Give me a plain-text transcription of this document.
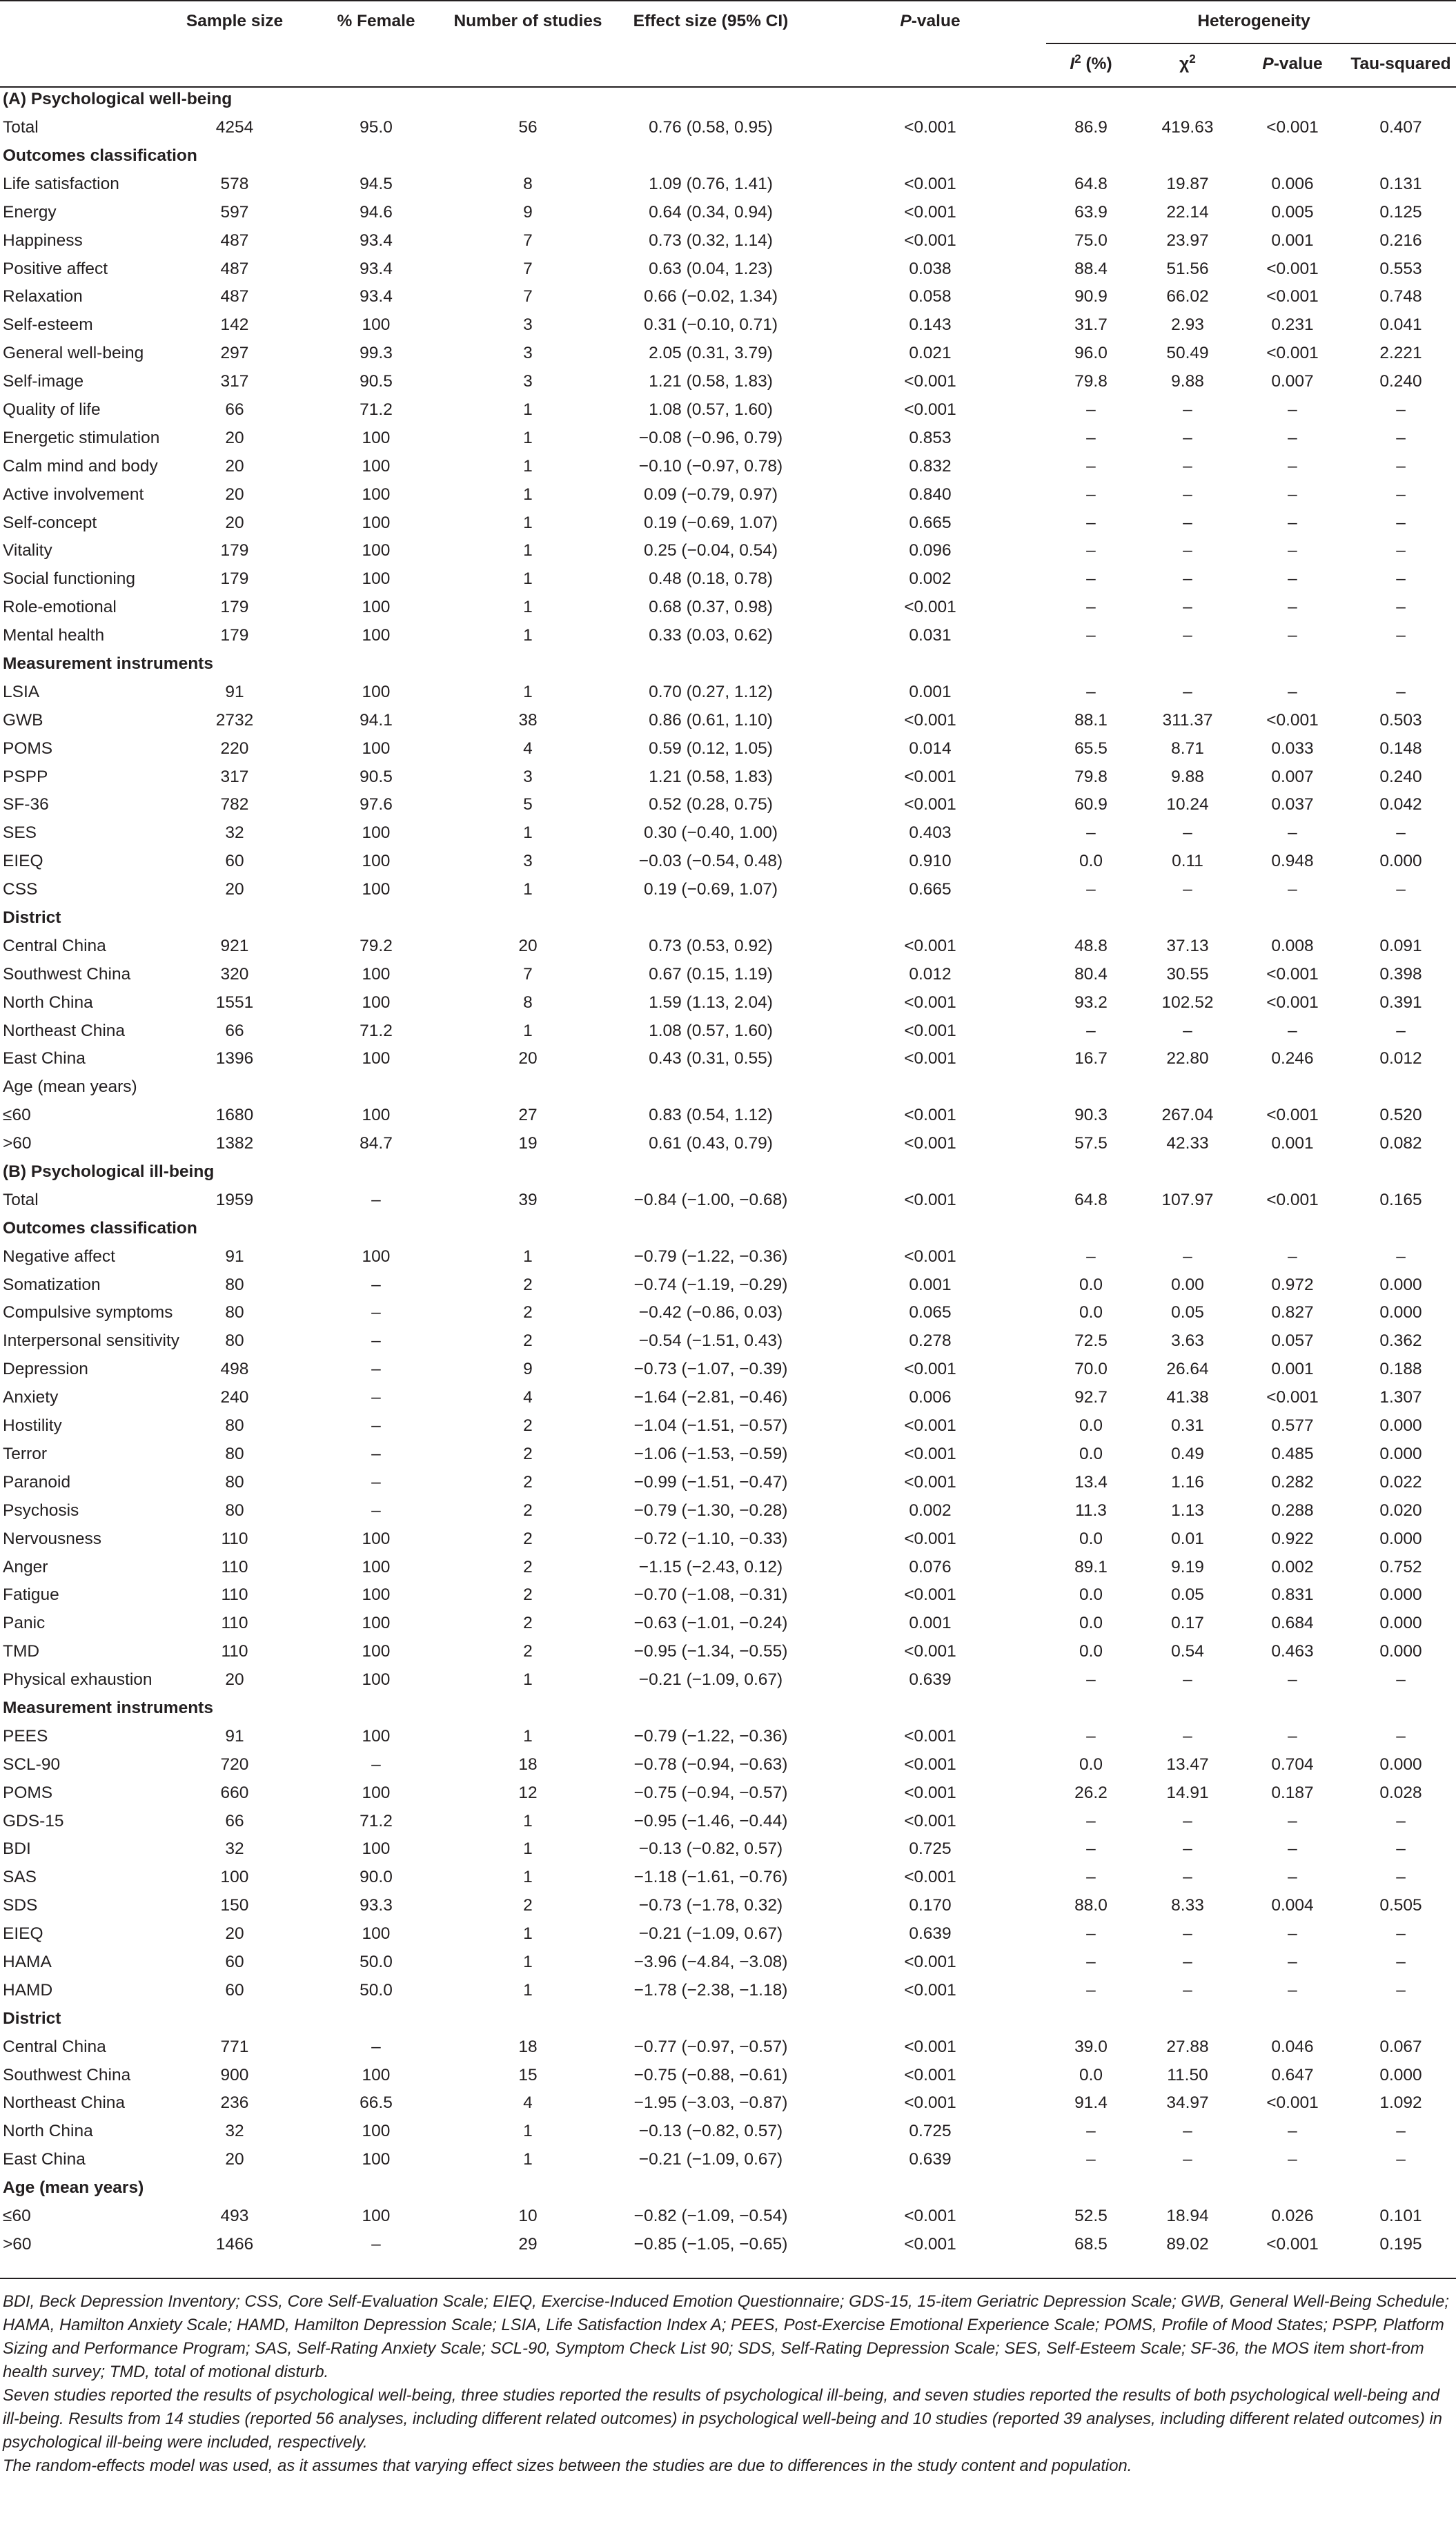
	Sample size	% Female	Number of studies	Effect size (95% CI)	P-value	Heterogeneity			
						$I^2$ (%)	$\chi^2$	P-value	Tau-squared
(A) Psychological well-being									
Total	4254	95.0	56	0.76 (0.58, 0.95)	<0.001	86.9	419.63	<0.001	0.407
Outcomes classification									
Life satisfaction	578	94.5	8	1.09 (0.76, 1.41)	<0.001	64.8	19.87	0.006	0.131
Energy	597	94.6	9	0.64 (0.34, 0.94)	<0.001	63.9	22.14	0.005	0.125
Happiness	487	93.4	7	0.73 (0.32, 1.14)	<0.001	75.0	23.97	0.001	0.216
Positive affect	487	93.4	7	0.63 (0.04, 1.23)	0.038	88.4	51.56	<0.001	0.553
Relaxation	487	93.4	7	0.66 (−0.02, 1.34)	0.058	90.9	66.02	<0.001	0.748
Self-esteem	142	100	3	0.31 (−0.10, 0.71)	0.143	31.7	2.93	0.231	0.041
General well-being	297	99.3	3	2.05 (0.31, 3.79)	0.021	96.0	50.49	<0.001	2.221
Self-image	317	90.5	3	1.21 (0.58, 1.83)	<0.001	79.8	9.88	0.007	0.240
Quality of life	66	71.2	1	1.08 (0.57, 1.60)	<0.001	–	–	–	–
Energetic stimulation	20	100	1	−0.08 (−0.96, 0.79)	0.853	–	–	–	–
Calm mind and body	20	100	1	−0.10 (−0.97, 0.78)	0.832	–	–	–	–
Active involvement	20	100	1	0.09 (−0.79, 0.97)	0.840	–	–	–	–
Self-concept	20	100	1	0.19 (−0.69, 1.07)	0.665	–	–	–	–
Vitality	179	100	1	0.25 (−0.04, 0.54)	0.096	–	–	–	–
Social functioning	179	100	1	0.48 (0.18, 0.78)	0.002	–	–	–	–
Role-emotional	179	100	1	0.68 (0.37, 0.98)	<0.001	–	–	–	–
Mental health	179	100	1	0.33 (0.03, 0.62)	0.031	–	–	–	–
Measurement instruments									
LSIA	91	100	1	0.70 (0.27, 1.12)	0.001	–	–	–	–
GWB	2732	94.1	38	0.86 (0.61, 1.10)	<0.001	88.1	311.37	<0.001	0.503
POMS	220	100	4	0.59 (0.12, 1.05)	0.014	65.5	8.71	0.033	0.148
PSPP	317	90.5	3	1.21 (0.58, 1.83)	<0.001	79.8	9.88	0.007	0.240
SF-36	782	97.6	5	0.52 (0.28, 0.75)	<0.001	60.9	10.24	0.037	0.042
SES	32	100	1	0.30 (−0.40, 1.00)	0.403	–	–	–	–
EIEQ	60	100	3	−0.03 (−0.54, 0.48)	0.910	0.0	0.11	0.948	0.000
CSS	20	100	1	0.19 (−0.69, 1.07)	0.665	–	–	–	–
District									
Central China	921	79.2	20	0.73 (0.53, 0.92)	<0.001	48.8	37.13	0.008	0.091
Southwest China	320	100	7	0.67 (0.15, 1.19)	0.012	80.4	30.55	<0.001	0.398
North China	1551	100	8	1.59 (1.13, 2.04)	<0.001	93.2	102.52	<0.001	0.391
Northeast China	66	71.2	1	1.08 (0.57, 1.60)	<0.001	–	–	–	–
East China	1396	100	20	0.43 (0.31, 0.55)	<0.001	16.7	22.80	0.246	0.012
Age (mean years)									
≤60	1680	100	27	0.83 (0.54, 1.12)	<0.001	90.3	267.04	<0.001	0.520
>60	1382	84.7	19	0.61 (0.43, 0.79)	<0.001	57.5	42.33	0.001	0.082
(B) Psychological ill-being									
Total	1959	–	39	−0.84 (−1.00, −0.68)	<0.001	64.8	107.97	<0.001	0.165
Outcomes classification									
Negative affect	91	100	1	−0.79 (−1.22, −0.36)	<0.001	–	–	–	–
Somatization	80	–	2	−0.74 (−1.19, −0.29)	0.001	0.0	0.00	0.972	0.000
Compulsive symptoms	80	–	2	−0.42 (−0.86, 0.03)	0.065	0.0	0.05	0.827	0.000
Interpersonal sensitivity	80	–	2	−0.54 (−1.51, 0.43)	0.278	72.5	3.63	0.057	0.362
Depression	498	–	9	−0.73 (−1.07, −0.39)	<0.001	70.0	26.64	0.001	0.188
Anxiety	240	–	4	−1.64 (−2.81, −0.46)	0.006	92.7	41.38	<0.001	1.307
Hostility	80	–	2	−1.04 (−1.51, −0.57)	<0.001	0.0	0.31	0.577	0.000
Terror	80	–	2	−1.06 (−1.53, −0.59)	<0.001	0.0	0.49	0.485	0.000
Paranoid	80	–	2	−0.99 (−1.51, −0.47)	<0.001	13.4	1.16	0.282	0.022
Psychosis	80	–	2	−0.79 (−1.30, −0.28)	0.002	11.3	1.13	0.288	0.020
Nervousness	110	100	2	−0.72 (−1.10, −0.33)	<0.001	0.0	0.01	0.922	0.000
Anger	110	100	2	−1.15 (−2.43, 0.12)	0.076	89.1	9.19	0.002	0.752
Fatigue	110	100	2	−0.70 (−1.08, −0.31)	<0.001	0.0	0.05	0.831	0.000
Panic	110	100	2	−0.63 (−1.01, −0.24)	0.001	0.0	0.17	0.684	0.000
TMD	110	100	2	−0.95 (−1.34, −0.55)	<0.001	0.0	0.54	0.463	0.000
Physical exhaustion	20	100	1	−0.21 (−1.09, 0.67)	0.639	–	–	–	–
Measurement instruments									
PEES	91	100	1	−0.79 (−1.22, −0.36)	<0.001	–	–	–	–
SCL-90	720	–	18	−0.78 (−0.94, −0.63)	<0.001	0.0	13.47	0.704	0.000
POMS	660	100	12	−0.75 (−0.94, −0.57)	<0.001	26.2	14.91	0.187	0.028
GDS-15	66	71.2	1	−0.95 (−1.46, −0.44)	<0.001	–	–	–	–
BDI	32	100	1	−0.13 (−0.82, 0.57)	0.725	–	–	–	–
SAS	100	90.0	1	−1.18 (−1.61, −0.76)	<0.001	–	–	–	–
SDS	150	93.3	2	−0.73 (−1.78, 0.32)	0.170	88.0	8.33	0.004	0.505
EIEQ	20	100	1	−0.21 (−1.09, 0.67)	0.639	–	–	–	–
HAMA	60	50.0	1	−3.96 (−4.84, −3.08)	<0.001	–	–	–	–
HAMD	60	50.0	1	−1.78 (−2.38, −1.18)	<0.001	–	–	–	–
District									
Central China	771	–	18	−0.77 (−0.97, −0.57)	<0.001	39.0	27.88	0.046	0.067
Southwest China	900	100	15	−0.75 (−0.88, −0.61)	<0.001	0.0	11.50	0.647	0.000
Northeast China	236	66.5	4	−1.95 (−3.03, −0.87)	<0.001	91.4	34.97	<0.001	1.092
North China	32	100	1	−0.13 (−0.82, 0.57)	0.725	–	–	–	–
East China	20	100	1	−0.21 (−1.09, 0.67)	0.639	–	–	–	–
Age (mean years)									
≤60	493	100	10	−0.82 (−1.09, −0.54)	<0.001	52.5	18.94	0.026	0.101
>60	1466	–	29	−0.85 (−1.05, −0.65)	<0.001	68.5	89.02	<0.001	0.195

BDI, Beck Depression Inventory; CSS, Core Self-Evaluation Scale; EIEQ, Exercise-Induced Emotion Questionnaire; GDS-15, 15-item Geriatric Depression Scale; GWB, General Well-Being Schedule; HAMA, Hamilton Anxiety Scale; HAMD, Hamilton Depression Scale; LSIA, Life Satisfaction Index A; PEES, Post-Exercise Emotional Experience Scale; POMS, Profile of Mood States; PSPP, Platform Sizing and Performance Program; SAS, Self-Rating Anxiety Scale; SCL-90, Symptom Check List 90; SDS, Self-Rating Depression Scale; SES, Self-Esteem Scale; SF-36, the MOS item short-from health survey; TMD, total of motional disturb.

Seven studies reported the results of psychological well-being, three studies reported the results of psychological ill-being, and seven studies reported the results of both psychological well-being and ill-being. Results from 14 studies (reported 56 analyses, including different related outcomes) in psychological well-being and 10 studies (reported 39 analyses, including different related outcomes) in psychological ill-being were included, respectively.

The random-effects model was used, as it assumes that varying effect sizes between the studies are due to differences in the study content and population.
